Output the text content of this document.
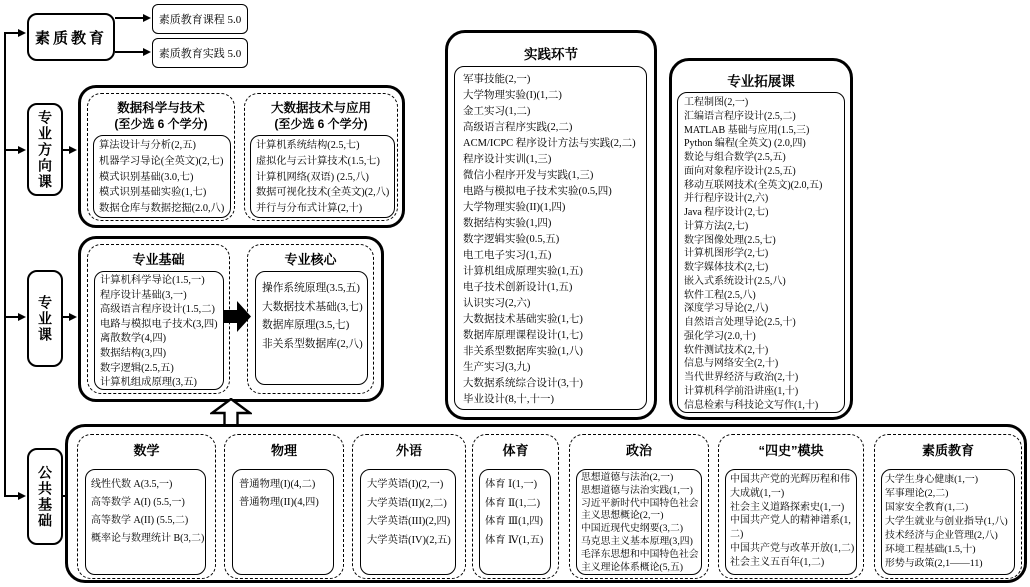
素质教育
专业方向课
专业课
公共基础
素质教育课程 5.0
素质教育实践 5.0
数据科学与技术
(至少选 6 个学分)
算法设计与分析(2,五)
机器学习导论(全英文)(2,七)
模式识别基础(3.0,七)
模式识别基础实验(1,七)
数据仓库与数据挖掘(2.0,八)
大数据技术与应用
(至少选 6 个学分)
计算机系统结构(2.5,七)
虚拟化与云计算技术(1.5,七)
计算机网络(双语) (2.5,八)
数据可视化技术(全英文)(2,八)
并行与分布式计算(2,十)
专业基础
计算机科学导论(1.5,一)
程序设计基础(3,一)
高级语言程序设计(1.5,二)
电路与模拟电子技术(3,四)
离散数学(4,四)
数据结构(3,四)
数字逻辑(2.5,五)
计算机组成原理(3,五)
专业核心
操作系统原理(3.5,五)
大数据技术基础(3,七)
数据库原理(3.5,七)
非关系型数据库(2,八)
实践环节
军事技能(2,一)
大学物理实验(I)(1,二)
金工实习(1,二)
高级语言程序实践(2,二)
ACM/ICPC 程序设计方法与实践(2,二)
程序设计实训(1,三)
微信小程序开发与实践(1,三)
电路与模拟电子技术实验(0.5,四)
大学物理实验(II)(1,四)
数据结构实验(1,四)
数字逻辑实验(0.5,五)
电工电子实习(1,五)
计算机组成原理实验(1,五)
电子技术创新设计(1,五)
认识实习(2,六)
大数据技术基础实验(1,七)
数据库原理课程设计(1,七)
非关系型数据库实验(1,八)
生产实习(3,九)
大数据系统综合设计(3,十)
毕业设计(8,十,十一)
专业拓展课
工程制图(2,一)
汇编语言程序设计(2.5,二)
MATLAB 基础与应用(1.5,三)
Python 编程(全英文) (2.0,四)
数论与组合数学(2.5,五)
面向对象程序设计(2.5,五)
移动互联网技术(全英文)(2.0,五)
并行程序设计(2,六)
Java 程序设计(2,七)
计算方法(2,七)
数字图像处理(2.5,七)
计算机图形学(2,七)
数字媒体技术(2,七)
嵌入式系统设计(2.5,八)
软件工程(2.5,八)
深度学习导论(2,八)
自然语言处理导论(2.5,十)
强化学习(2.0,十)
软件测试技术(2,十)
信息与网络安全(2,十)
当代世界经济与政治(2,十)
计算机科学前沿讲座(1,十)
信息检索与科技论文写作(1,十)
数学
线性代数 A(3.5,一)
高等数学 A(I) (5.5,一)
高等数学 A(II) (5.5,二)
概率论与数理统计 B(3,二)
物理
普通物理(I)(4,二)
普通物理(II)(4,四)
外语
大学英语(I)(2,一)
大学英语(II)(2,二)
大学英语(III)(2,四)
大学英语(IV)(2,五)
体育
体育 Ⅰ(1,一)
体育 Ⅱ(1,二)
体育 Ⅲ(1,四)
体育 Ⅳ(1,五)
政治
思想道德与法治(2,一)
思想道德与法治实践(1,一)
习近平新时代中国特色社会主义思想概论(2,一)
中国近现代史纲要(3,二)
马克思主义基本原理(3,四)
毛泽东思想和中国特色社会主义理论体系概论(5,五)
“四史”模块
中国共产党的光辉历程和伟大成就(1,一)
社会主义道路探索史(1,一)
中国共产党人的精神谱系(1,二)
中国共产党与改革开放(1,二)
社会主义五百年(1,二)
素质教育
大学生身心健康(1,一)
军事理论(2,二)
国家安全教育(1,二)
大学生就业与创业指导(1,八)
技术经济与企业管理(2,八)
环境工程基础(1.5,十)
形势与政策(2,1——11)
